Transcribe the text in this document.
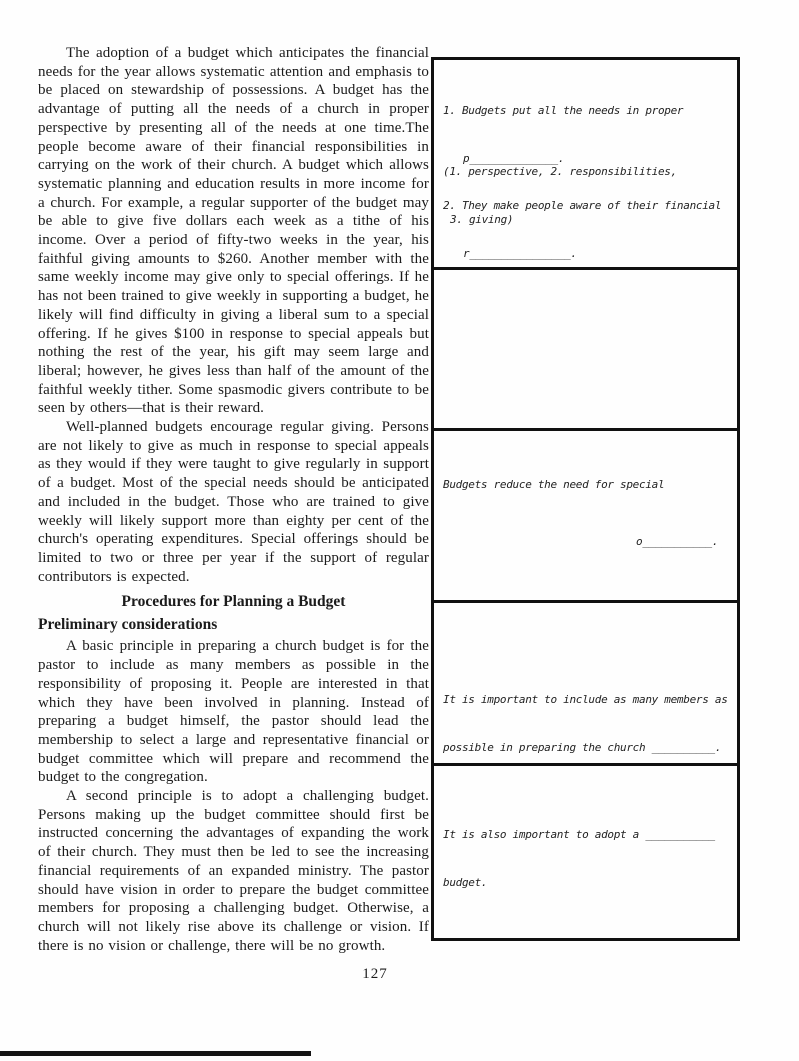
The adoption of a budget which anticipates the financial needs for the year allows systematic attention and emphasis to be placed on stewardship of possessions. A budget has the advantage of putting all the needs of a church in proper perspective by presenting all of the needs at one time.The people become aware of their financial responsibilities in carrying on the work of their church. A budget which allows systematic planning and education results in more income for a church. For example, a regular supporter of the budget may be able to give five dollars each week as a tithe of his income. Over a period of fifty-two weeks in the year, his faithful giving amounts to $260. Another member with the same weekly income may give only to special offerings. If he has not been trained to give weekly in supporting a budget, he likely will find difficulty in giving a liberal sum to a special offering. If he gives $100 in response to special appeals but nothing the rest of the year, his gift may seem large and liberal; however, he gives less than half of the amount of the faithful weekly tither. Some spasmodic givers contribute to be seen by others—that is their reward.

Well-planned budgets encourage regular giving. Persons are not likely to give as much in response to special appeals as they would if they were taught to give regularly in support of a budget. Most of the special needs should be anticipated and included in the budget. Those who are trained to give weekly will likely support more than eighty per cent of the church's operating expenditures. Special offerings should be limited to two or three per year if the support of regular contributors is expected.

Procedures for Planning a Budget
Preliminary considerations

A basic principle in preparing a church budget is for the pastor to include as many members as possible in the responsibility of proposing it. People are interested in that which they have been involved in planning. Instead of preparing a budget himself, the pastor should lead the membership to select a large and representative financial or budget committee which will prepare and recommend the budget to the congregation.

A second principle is to adopt a challenging budget. Persons making up the budget committee should first be instructed concerning the advantages of expanding the work of their church. They must then be led to see the increasing financial requirements of an expanded ministry. The pastor should have vision in order to prepare the budget committee members for proposing a challenging budget. Otherwise, a church will not likely rise above its challenge or vision. If there is no vision or challenge, there will be no growth.

1. Budgets put all the needs in proper

p______________.

2. They make people aware of their financial

r________________.

(1. perspective, 2. responsibilities,

3. giving)

Budgets reduce the need for special

o___________.

It is important to include as many members as

possible in preparing the church __________.

It is also important to adopt a ___________

budget.

127
